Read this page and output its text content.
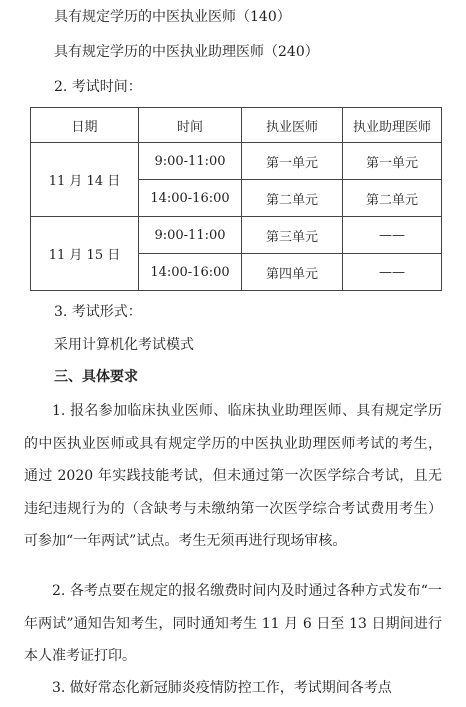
具有规定学历的中医执业医师（140）
具有规定学历的中医执业助理医师（240）
2. 考试时间：
日期	时间	执业医师	执业助理医师
11 月 14 日	9:00-11:00	第一单元	第一单元
	14:00-16:00	第二单元	第二单元
11 月 15 日	9:00-11:00	第三单元	——
	14:00-16:00	第四单元	——
3. 考试形式：
采用计算机化考试模式
三、具体要求
1. 报名参加临床执业医师、临床执业助理医师、具有规定学历的中医执业医师或具有规定学历的中医执业助理医师考试的考生，通过 2020 年实践技能考试，但未通过第一次医学综合考试，且无违纪违规行为的（含缺考与未缴纳第一次医学综合考试费用考生）可参加“一年两试”试点。考生无须再进行现场审核。
2. 各考点要在规定的报名缴费时间内及时通过各种方式发布“一年两试”通知告知考生，同时通知考生 11 月 6 日至 13 日期间进行本人准考证打印。
3. 做好常态化新冠肺炎疫情防控工作，考试期间各考点
